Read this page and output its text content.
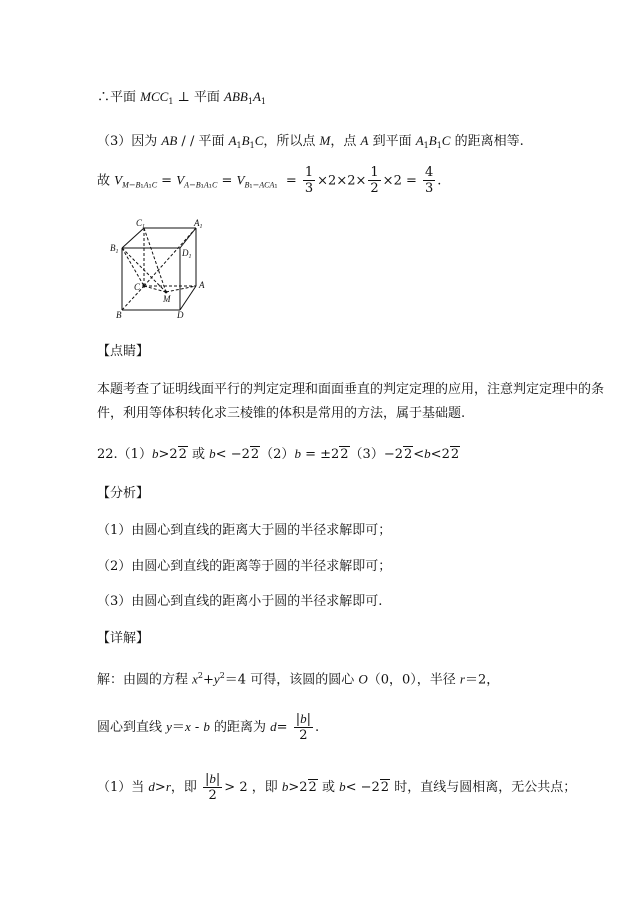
∴平面 $MCC_1$ ⊥ 平面 $ABB_1A_1$
（3）因为 AB / / 平面 $A_1B_1C$，所以点 M，点 A 到平面 $A_1B_1C$ 的距离相等.
故 $V_{M-B_1A_1C} = V_{A-B_1A_1C} = V_{B_1-ACA_1} = \frac{1}{3} \times 2\times 2\times \frac{1}{2} \times 2 = \frac{4}{3}$ .
$C_1$	$A_1$
$B_1$	$D_1$
C	A
M
B	D
【点睛】
本题考查了证明线面平行的判定定理和面面垂直的判定定理的应用，注意判定定理中的条
件，利用等体积转化求三棱锥的体积是常用的方法，属于基础题.
22.（1）b>22 或 b< −22（2）b = ±22（3）−22<b<22
【分析】
（1）由圆心到直线的距离大于圆的半径求解即可；
（2）由圆心到直线的距离等于圆的半径求解即可；
（3）由圆心到直线的距离小于圆的半径求解即可.
【详解】
解：由圆的方程 $x^2+y^2=4$ 可得，该圆的圆心 O（0，0），半径 r＝2，
圆心到直线 y＝x - b 的距离为 $d= \frac{|b|}{2}$ .
（1）当 d>r，即 $\frac{|b|}{2} > 2$ ，即 b>22 或 b< −22 时，直线与圆相离，无公共点；
